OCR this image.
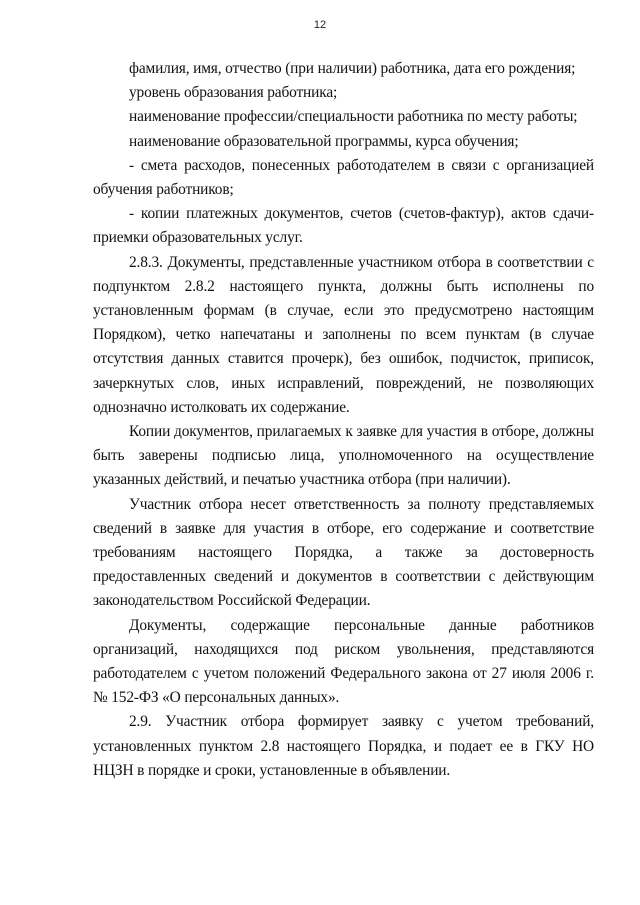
12

фамилия, имя, отчество (при наличии) работника, дата его рождения;

уровень образования работника;

наименование профессии/специальности работника по месту работы;

наименование образовательной программы, курса обучения;

- смета расходов, понесенных работодателем в связи с организацией обучения работников;

- копии платежных документов, счетов (счетов-фактур), актов сдачи-приемки образовательных услуг.

2.8.3. Документы, представленные участником отбора в соответствии с подпунктом 2.8.2 настоящего пункта, должны быть исполнены по установленным формам (в случае, если это предусмотрено настоящим Порядком), четко напечатаны и заполнены по всем пунктам (в случае отсутствия данных ставится прочерк), без ошибок, подчисток, приписок, зачеркнутых слов, иных исправлений, повреждений, не позволяющих однозначно истолковать их содержание.

Копии документов, прилагаемых к заявке для участия в отборе, должны быть заверены подписью лица, уполномоченного на осуществление указанных действий, и печатью участника отбора (при наличии).

Участник отбора несет ответственность за полноту представляемых сведений в заявке для участия в отборе, его содержание и соответствие требованиям настоящего Порядка, а также за достоверность предоставленных сведений и документов в соответствии с действующим законодательством Российской Федерации.

Документы, содержащие персональные данные работников организаций, находящихся под риском увольнения, представляются работодателем с учетом положений Федерального закона от 27 июля 2006 г. № 152-ФЗ «О персональных данных».

2.9. Участник отбора формирует заявку с учетом требований, установленных пунктом 2.8 настоящего Порядка, и подает ее в ГКУ НО НЦЗН в порядке и сроки, установленные в объявлении.
